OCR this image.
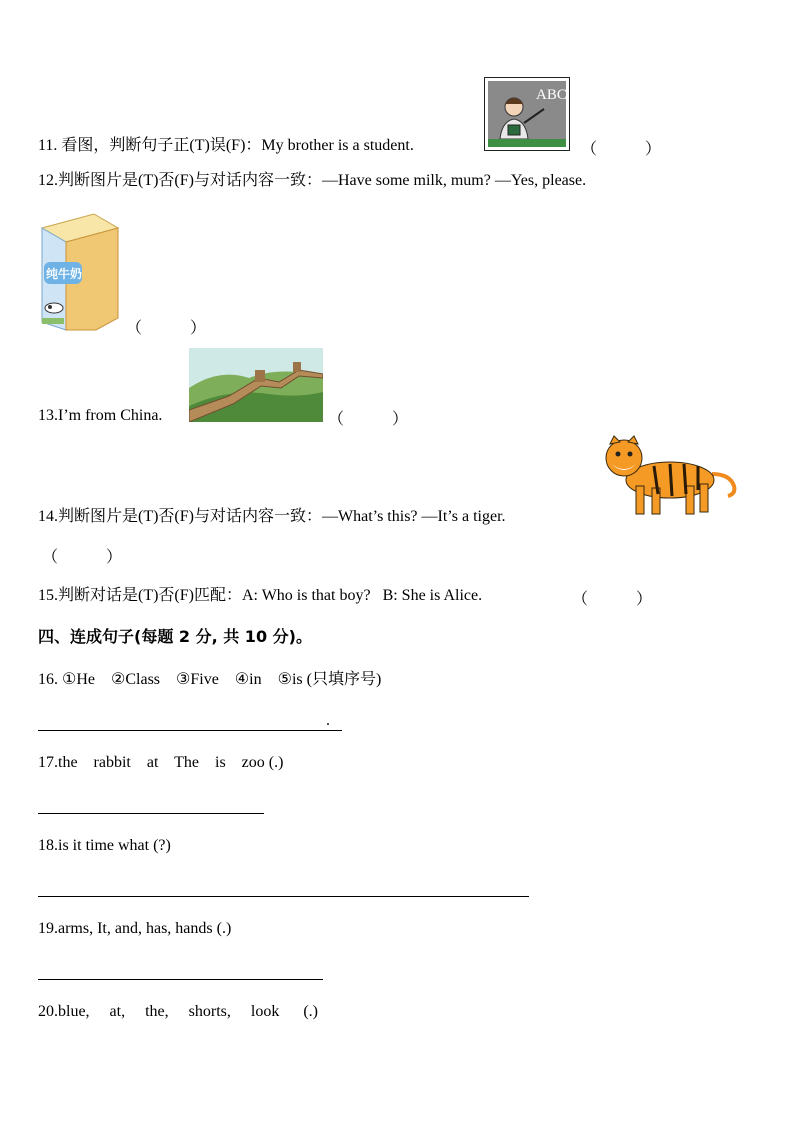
11. 看图，判断句子正(T)误(F)：My brother is a student.
ABC
（　　　）
12.判断图片是(T)否(F)与对话内容一致：—Have some milk, mum? —Yes, please.
纯牛奶
（　　　）
13.I’m from China.	（　　　）
14.判断图片是(T)否(F)与对话内容一致：—What’s this? —It’s a tiger.
（　　　）
15.判断对话是(T)否(F)匹配：A: Who is that boy?   B: She is Alice.	（　　　）
四、连成句子(每题 2 分, 共 10 分)。
16. ①He    ②Class    ③Five    ④in    ⑤is (只填序号)
.
17.the    rabbit    at    The    is    zoo (.)
18.is it time what (?)
19.arms, It, and, has, hands (.)
20.blue,     at,     the,     shorts,     look      (.)
